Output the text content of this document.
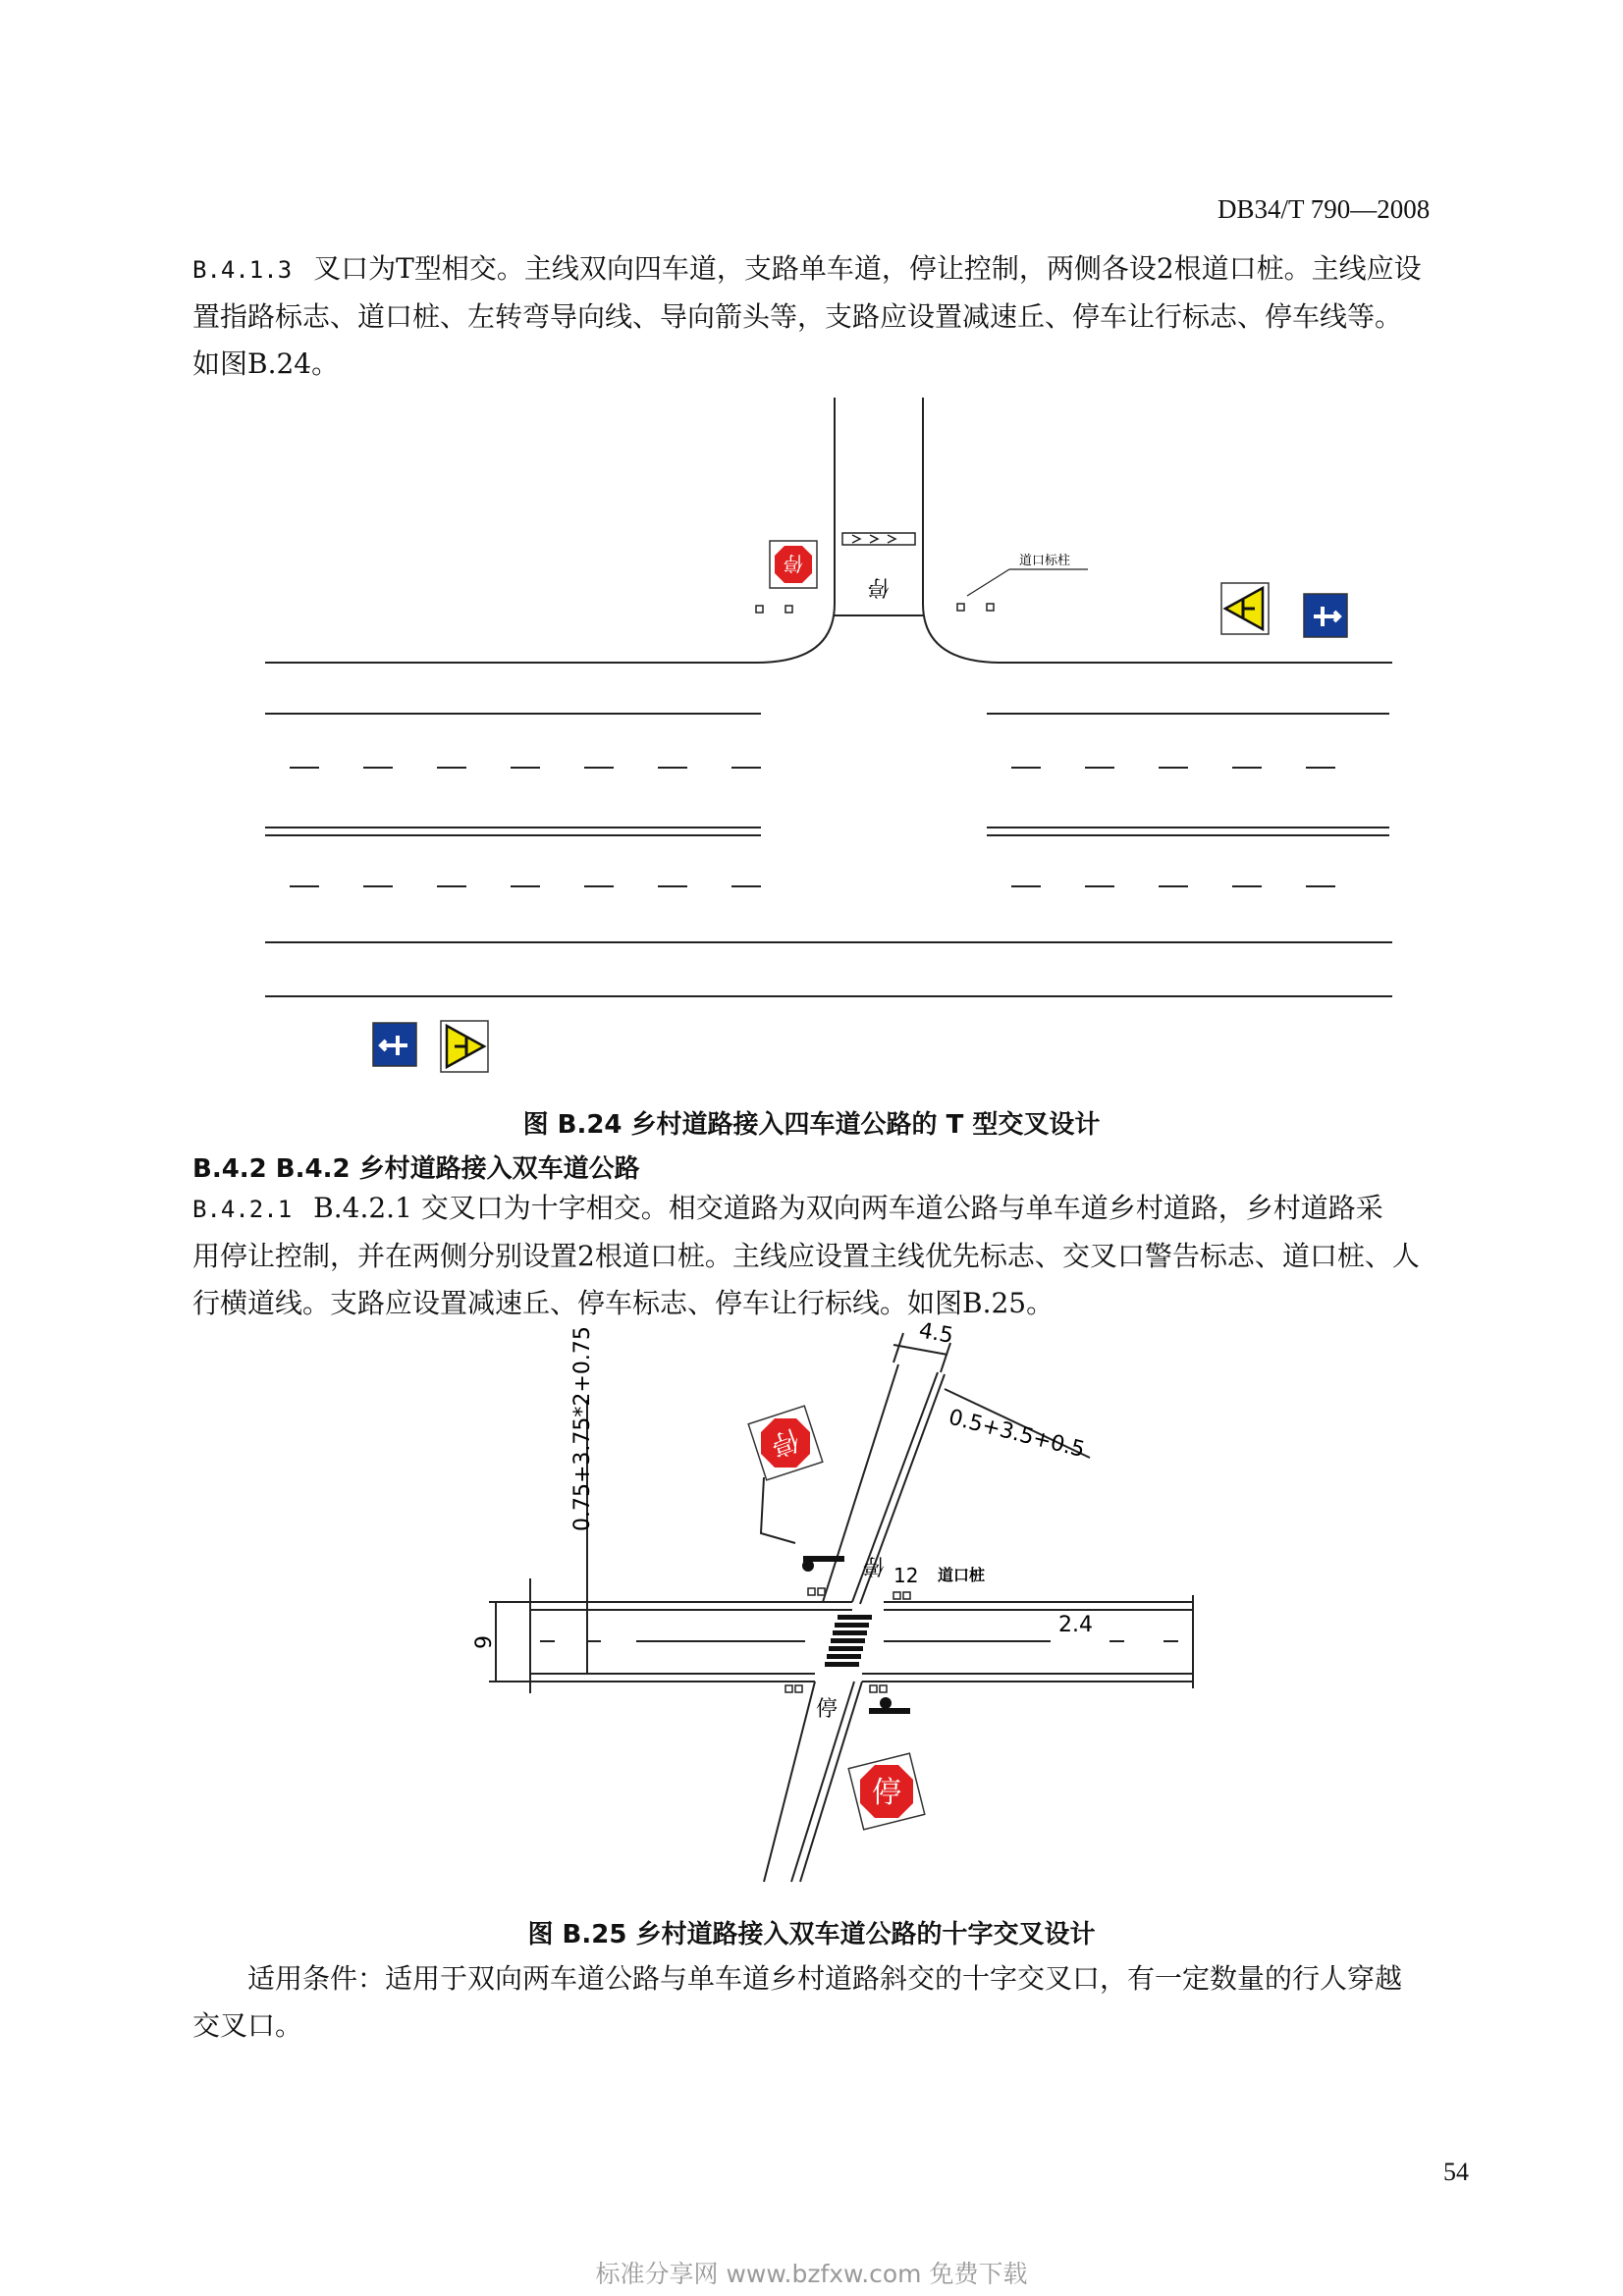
DB34/T 790—2008
B.4.1.3 叉口为T型相交。主线双向四车道，支路单车道，停让控制，两侧各设2根道口桩。主线应设
置指路标志、道口桩、左转弯导向线、导向箭头等，支路应设置减速丘、停车让行标志、停车线等。
如图B.24。
停
停	道口标柱
图 B.24 乡村道路接入四车道公路的 T 型交叉设计
B.4.2 B.4.2 乡村道路接入双车道公路
B.4.2.1 B.4.2.1 交叉口为十字相交。相交道路为双向两车道公路与单车道乡村道路，乡村道路采
用停让控制，并在两侧分别设置2根道口桩。主线应设置主线优先标志、交叉口警告标志、道口桩、人
行横道线。支路应设置减速丘、停车标志、停车让行标线。如图B.25。
4.5
0.5+3.5+0.5
0.75+3.75*2+0.75
9
2.4
12 道口桩
停
停
停
停
图 B.25 乡村道路接入双车道公路的十字交叉设计
适用条件：适用于双向两车道公路与单车道乡村道路斜交的十字交叉口，有一定数量的行人穿越
交叉口。
54
标准分享网 www.bzfxw.com 免费下载
